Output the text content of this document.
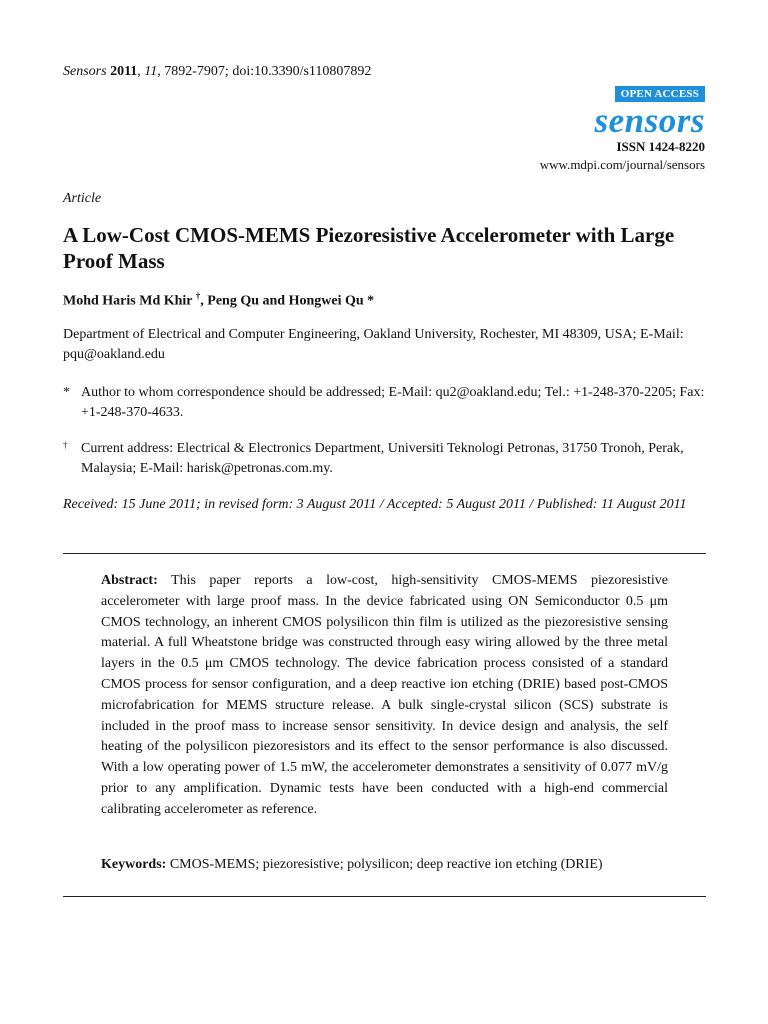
Sensors 2011, 11, 7892-7907; doi:10.3390/s110807892
OPEN ACCESS
sensors
ISSN 1424-8220
www.mdpi.com/journal/sensors
Article
A Low-Cost CMOS-MEMS Piezoresistive Accelerometer with Large Proof Mass
Mohd Haris Md Khir †, Peng Qu and Hongwei Qu *
Department of Electrical and Computer Engineering, Oakland University, Rochester, MI 48309, USA; E-Mail: pqu@oakland.edu
* Author to whom correspondence should be addressed; E-Mail: qu2@oakland.edu; Tel.: +1-248-370-2205; Fax: +1-248-370-4633.
† Current address: Electrical & Electronics Department, Universiti Teknologi Petronas, 31750 Tronoh, Perak, Malaysia; E-Mail: harisk@petronas.com.my.
Received: 15 June 2011; in revised form: 3 August 2011 / Accepted: 5 August 2011 / Published: 11 August 2011
Abstract: This paper reports a low-cost, high-sensitivity CMOS-MEMS piezoresistive accelerometer with large proof mass. In the device fabricated using ON Semiconductor 0.5 μm CMOS technology, an inherent CMOS polysilicon thin film is utilized as the piezoresistive sensing material. A full Wheatstone bridge was constructed through easy wiring allowed by the three metal layers in the 0.5 μm CMOS technology. The device fabrication process consisted of a standard CMOS process for sensor configuration, and a deep reactive ion etching (DRIE) based post-CMOS microfabrication for MEMS structure release. A bulk single-crystal silicon (SCS) substrate is included in the proof mass to increase sensor sensitivity. In device design and analysis, the self heating of the polysilicon piezoresistors and its effect to the sensor performance is also discussed. With a low operating power of 1.5 mW, the accelerometer demonstrates a sensitivity of 0.077 mV/g prior to any amplification. Dynamic tests have been conducted with a high-end commercial calibrating accelerometer as reference.
Keywords: CMOS-MEMS; piezoresistive; polysilicon; deep reactive ion etching (DRIE)
